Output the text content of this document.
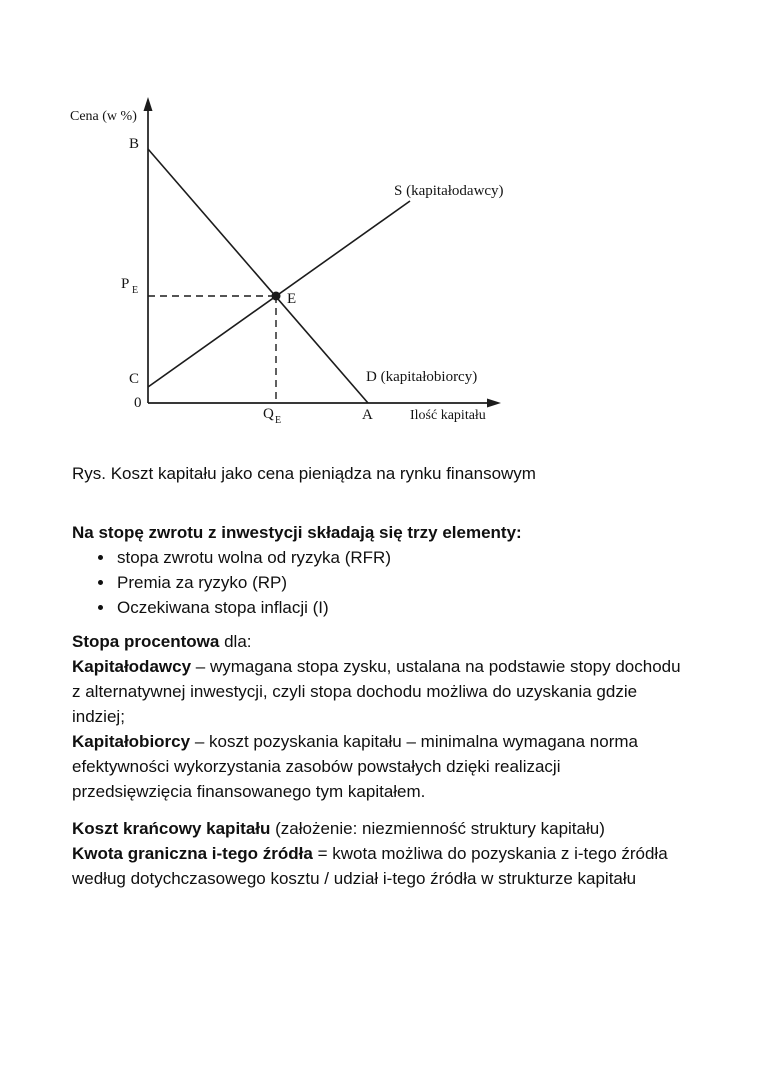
Cena (w %)
B
P E
E
C
0
S (kapitałodawcy)
D (kapitałobiorcy)
Q E	A	Ilość kapitału
Rys. Koszt kapitału jako cena pieniądza na rynku finansowym
Na stopę zwrotu z inwestycji składają się trzy elementy:
• stopa zwrotu wolna od ryzyka (RFR)
• Premia za ryzyko (RP)
• Oczekiwana stopa inflacji (I)

Stopa procentowa dla:

Kapitałodawcy – wymagana stopa zysku, ustalana na podstawie stopy dochodu z alternatywnej inwestycji, czyli stopa dochodu możliwa do uzyskania gdzie indziej;

Kapitałobiorcy – koszt pozyskania kapitału – minimalna wymagana norma efektywności wykorzystania zasobów powstałych dzięki realizacji przedsięwzięcia finansowanego tym kapitałem.

Koszt krańcowy kapitału (założenie: niezmienność struktury kapitału)

Kwota graniczna i-tego źródła = kwota możliwa do pozyskania z i-tego źródła według dotychczasowego kosztu / udział i-tego źródła w strukturze kapitału
